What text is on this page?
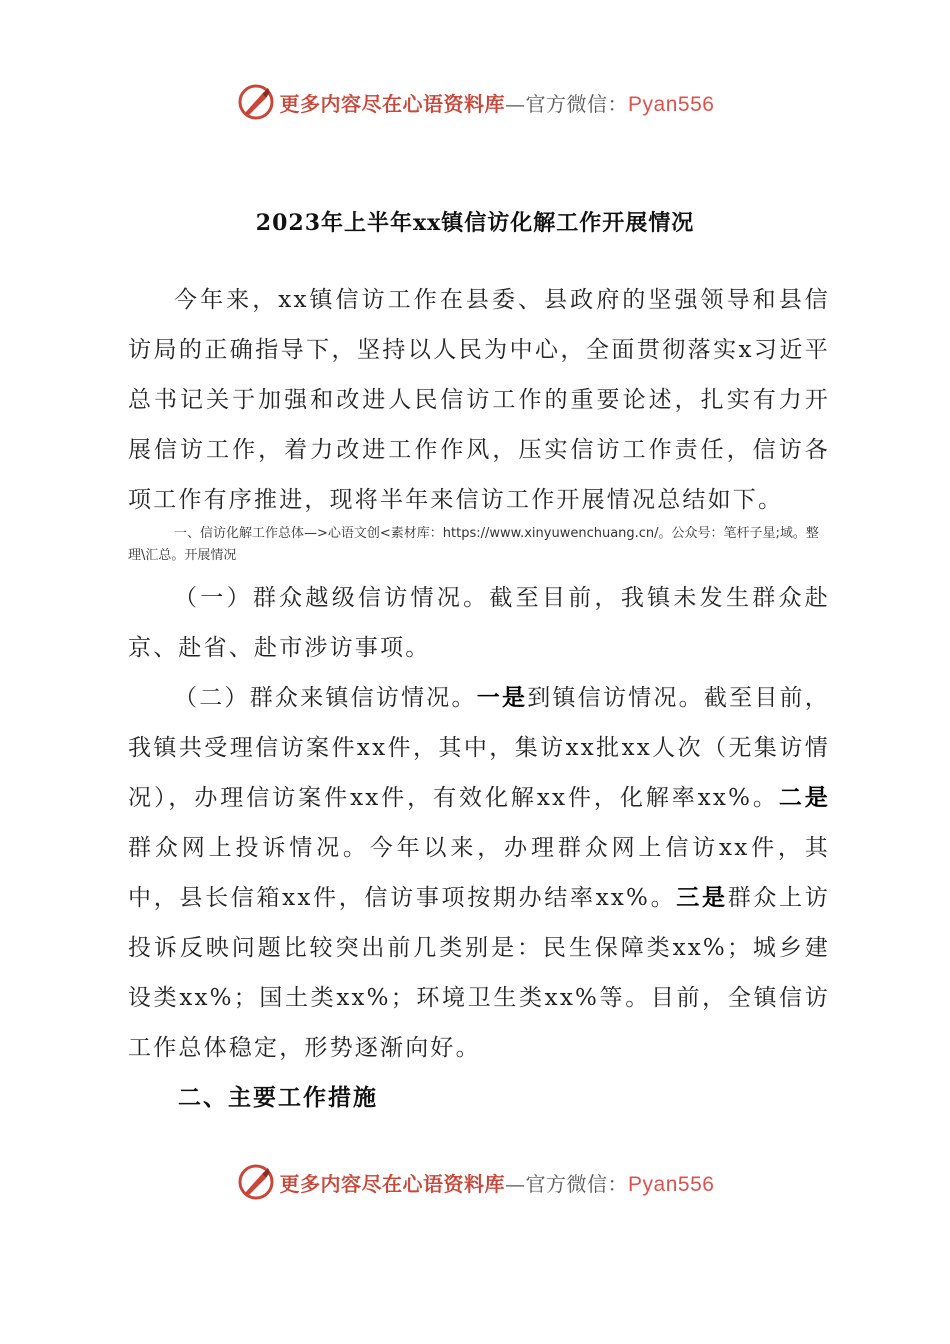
更多内容尽在心语资料库—官方微信：Pyan556
2023年上半年xx镇信访化解工作开展情况

今年来，xx镇信访工作在县委、县政府的坚强领导和县信访局的正确指导下，坚持以人民为中心，全面贯彻落实x习近平总书记关于加强和改进人民信访工作的重要论述，扎实有力开展信访工作，着力改进工作作风，压实信访工作责任，信访各项工作有序推进，现将半年来信访工作开展情况总结如下。

一、信访化解工作总体—>心语文创<素材库：https://www.xinyuwenchuang.cn/。公众号：笔杆子星;域。整理\汇总。开展情况

（一）群众越级信访情况。截至目前，我镇未发生群众赴京、赴省、赴市涉访事项。

（二）群众来镇信访情况。一是到镇信访情况。截至目前，我镇共受理信访案件xx件，其中，集访xx批xx人次（无集访情况），办理信访案件xx件，有效化解xx件，化解率xx%。二是群众网上投诉情况。今年以来，办理群众网上信访xx件，其中，县长信箱xx件，信访事项按期办结率xx%。三是群众上访投诉反映问题比较突出前几类别是：民生保障类xx%；城乡建设类xx%；国土类xx%；环境卫生类xx%等。目前，全镇信访工作总体稳定，形势逐渐向好。

二、主要工作措施
更多内容尽在心语资料库—官方微信：Pyan556
